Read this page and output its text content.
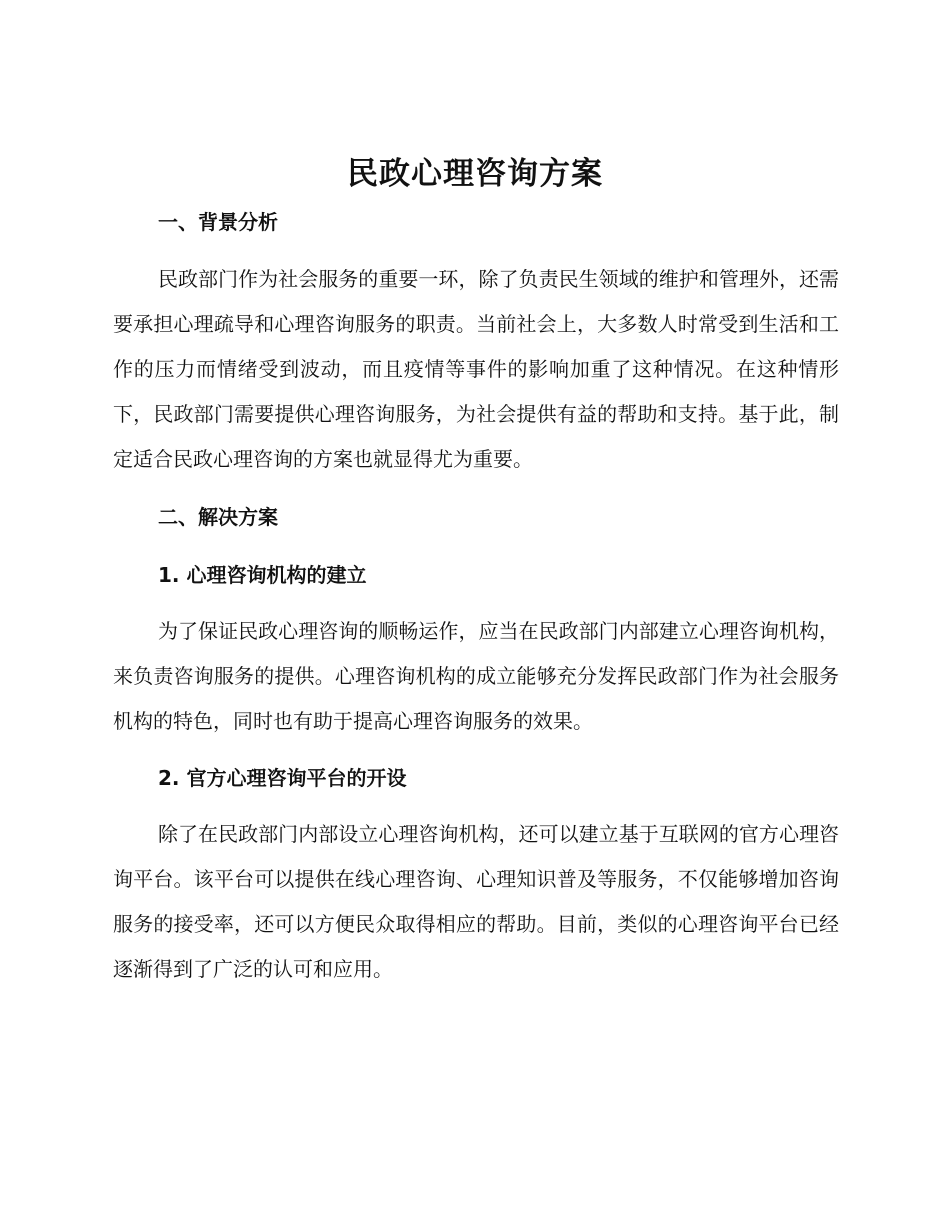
民政心理咨询方案
一、背景分析

民政部门作为社会服务的重要一环，除了负责民生领域的维护和管理外，还需要承担心理疏导和心理咨询服务的职责。当前社会上，大多数人时常受到生活和工作的压力而情绪受到波动，而且疫情等事件的影响加重了这种情况。在这种情形下，民政部门需要提供心理咨询服务，为社会提供有益的帮助和支持。基于此，制定适合民政心理咨询的方案也就显得尤为重要。

二、解决方案
1. 心理咨询机构的建立

为了保证民政心理咨询的顺畅运作，应当在民政部门内部建立心理咨询机构，来负责咨询服务的提供。心理咨询机构的成立能够充分发挥民政部门作为社会服务机构的特色，同时也有助于提高心理咨询服务的效果。

2. 官方心理咨询平台的开设

除了在民政部门内部设立心理咨询机构，还可以建立基于互联网的官方心理咨询平台。该平台可以提供在线心理咨询、心理知识普及等服务，不仅能够增加咨询服务的接受率，还可以方便民众取得相应的帮助。目前，类似的心理咨询平台已经逐渐得到了广泛的认可和应用。
